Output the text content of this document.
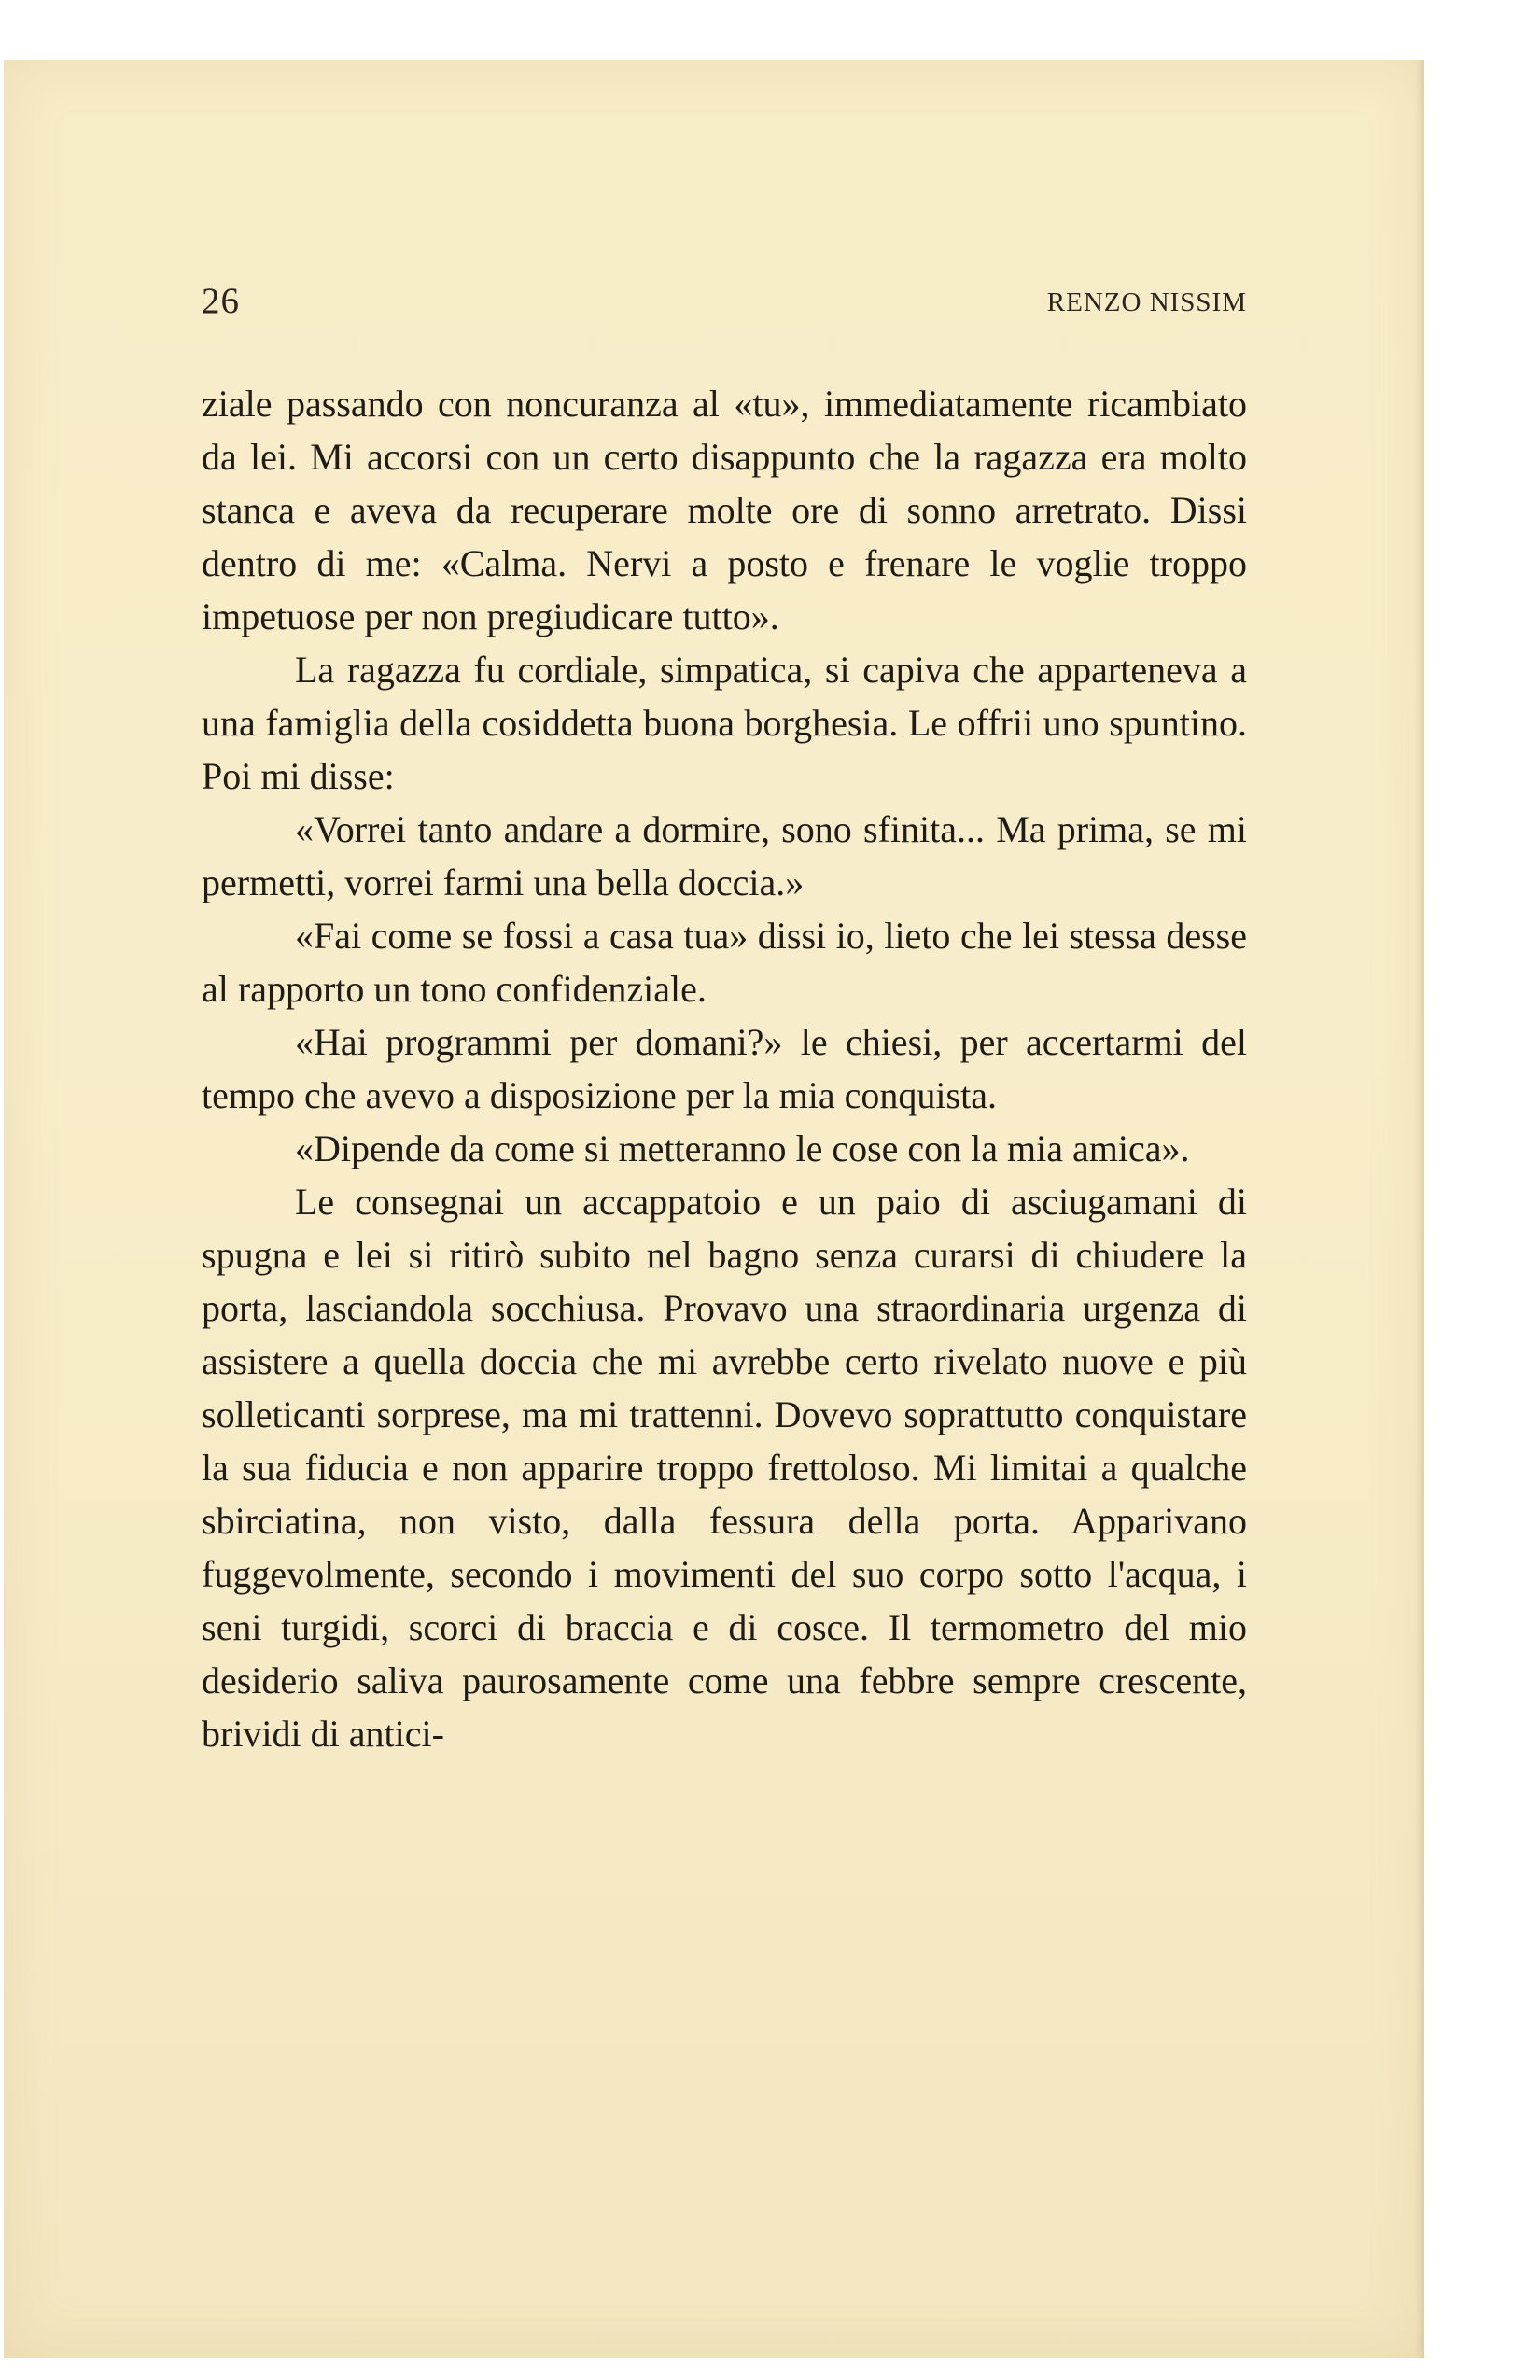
26	RENZO NISSIM

ziale passando con noncuranza al «tu», immediatamente ricambiato da lei. Mi accorsi con un certo disappunto che la ragazza era molto stanca e aveva da recuperare molte ore di sonno arretrato. Dissi dentro di me: «Calma. Nervi a posto e frenare le voglie troppo impetuose per non pregiudicare tutto».

La ragazza fu cordiale, simpatica, si capiva che apparteneva a una famiglia della cosiddetta buona borghesia. Le offrii uno spuntino. Poi mi disse:

«Vorrei tanto andare a dormire, sono sfinita... Ma prima, se mi permetti, vorrei farmi una bella doccia.»

«Fai come se fossi a casa tua» dissi io, lieto che lei stessa desse al rapporto un tono confidenziale.

«Hai programmi per domani?» le chiesi, per accertarmi del tempo che avevo a disposizione per la mia conquista.

«Dipende da come si metteranno le cose con la mia amica».

Le consegnai un accappatoio e un paio di asciugamani di spugna e lei si ritirò subito nel bagno senza curarsi di chiudere la porta, lasciandola socchiusa. Provavo una straordinaria urgenza di assistere a quella doccia che mi avrebbe certo rivelato nuove e più solleticanti sorprese, ma mi trattenni. Dovevo soprattutto conquistare la sua fiducia e non apparire troppo frettoloso. Mi limitai a qualche sbirciatina, non visto, dalla fessura della porta. Apparivano fuggevolmente, secondo i movimenti del suo corpo sotto l'acqua, i seni turgidi, scorci di braccia e di cosce. Il termometro del mio desiderio saliva paurosamente come una febbre sempre crescente, brividi di antici-
